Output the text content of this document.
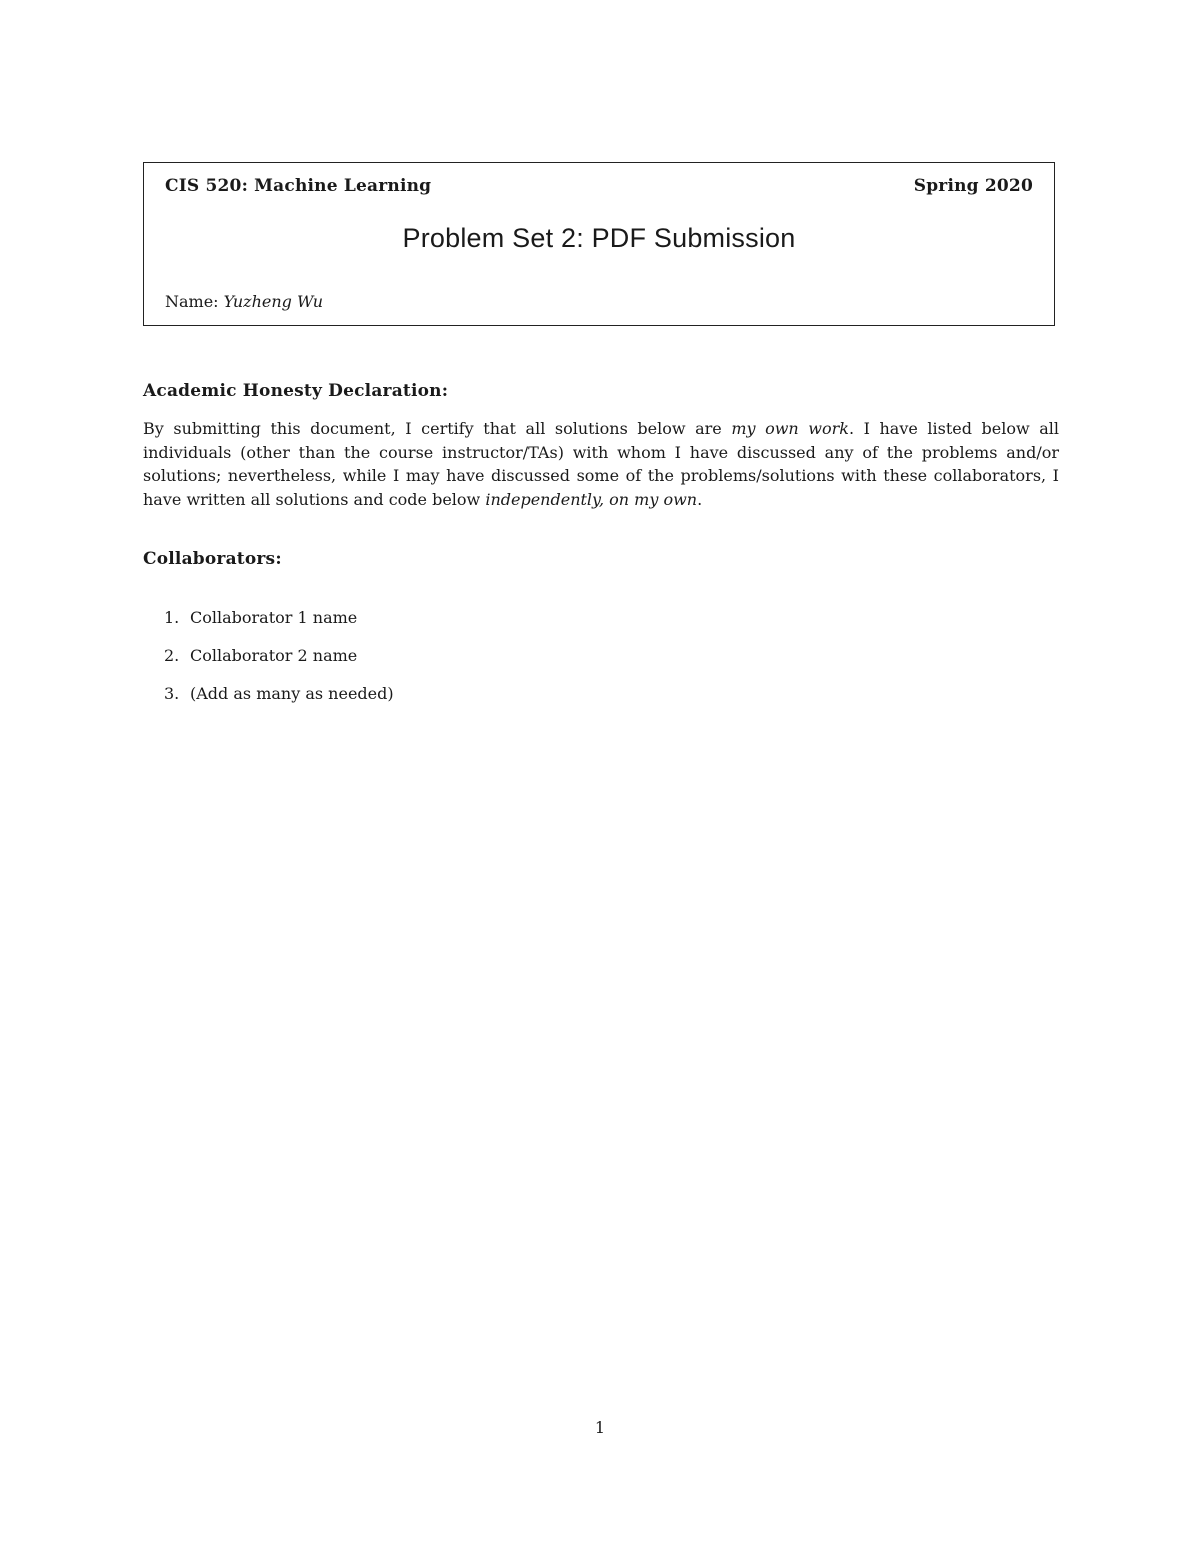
CIS 520: Machine Learning	Spring 2020
Problem Set 2: PDF Submission
Name: Yuzheng Wu
Academic Honesty Declaration:
By submitting this document, I certify that all solutions below are my own work. I have listed below all individuals (other than the course instructor/TAs) with whom I have discussed any of the problems and/or solutions; nevertheless, while I may have discussed some of the problems/solutions with these collaborators, I have written all solutions and code below independently, on my own.
Collaborators:
1. Collaborator 1 name
2. Collaborator 2 name
3. (Add as many as needed)
1
